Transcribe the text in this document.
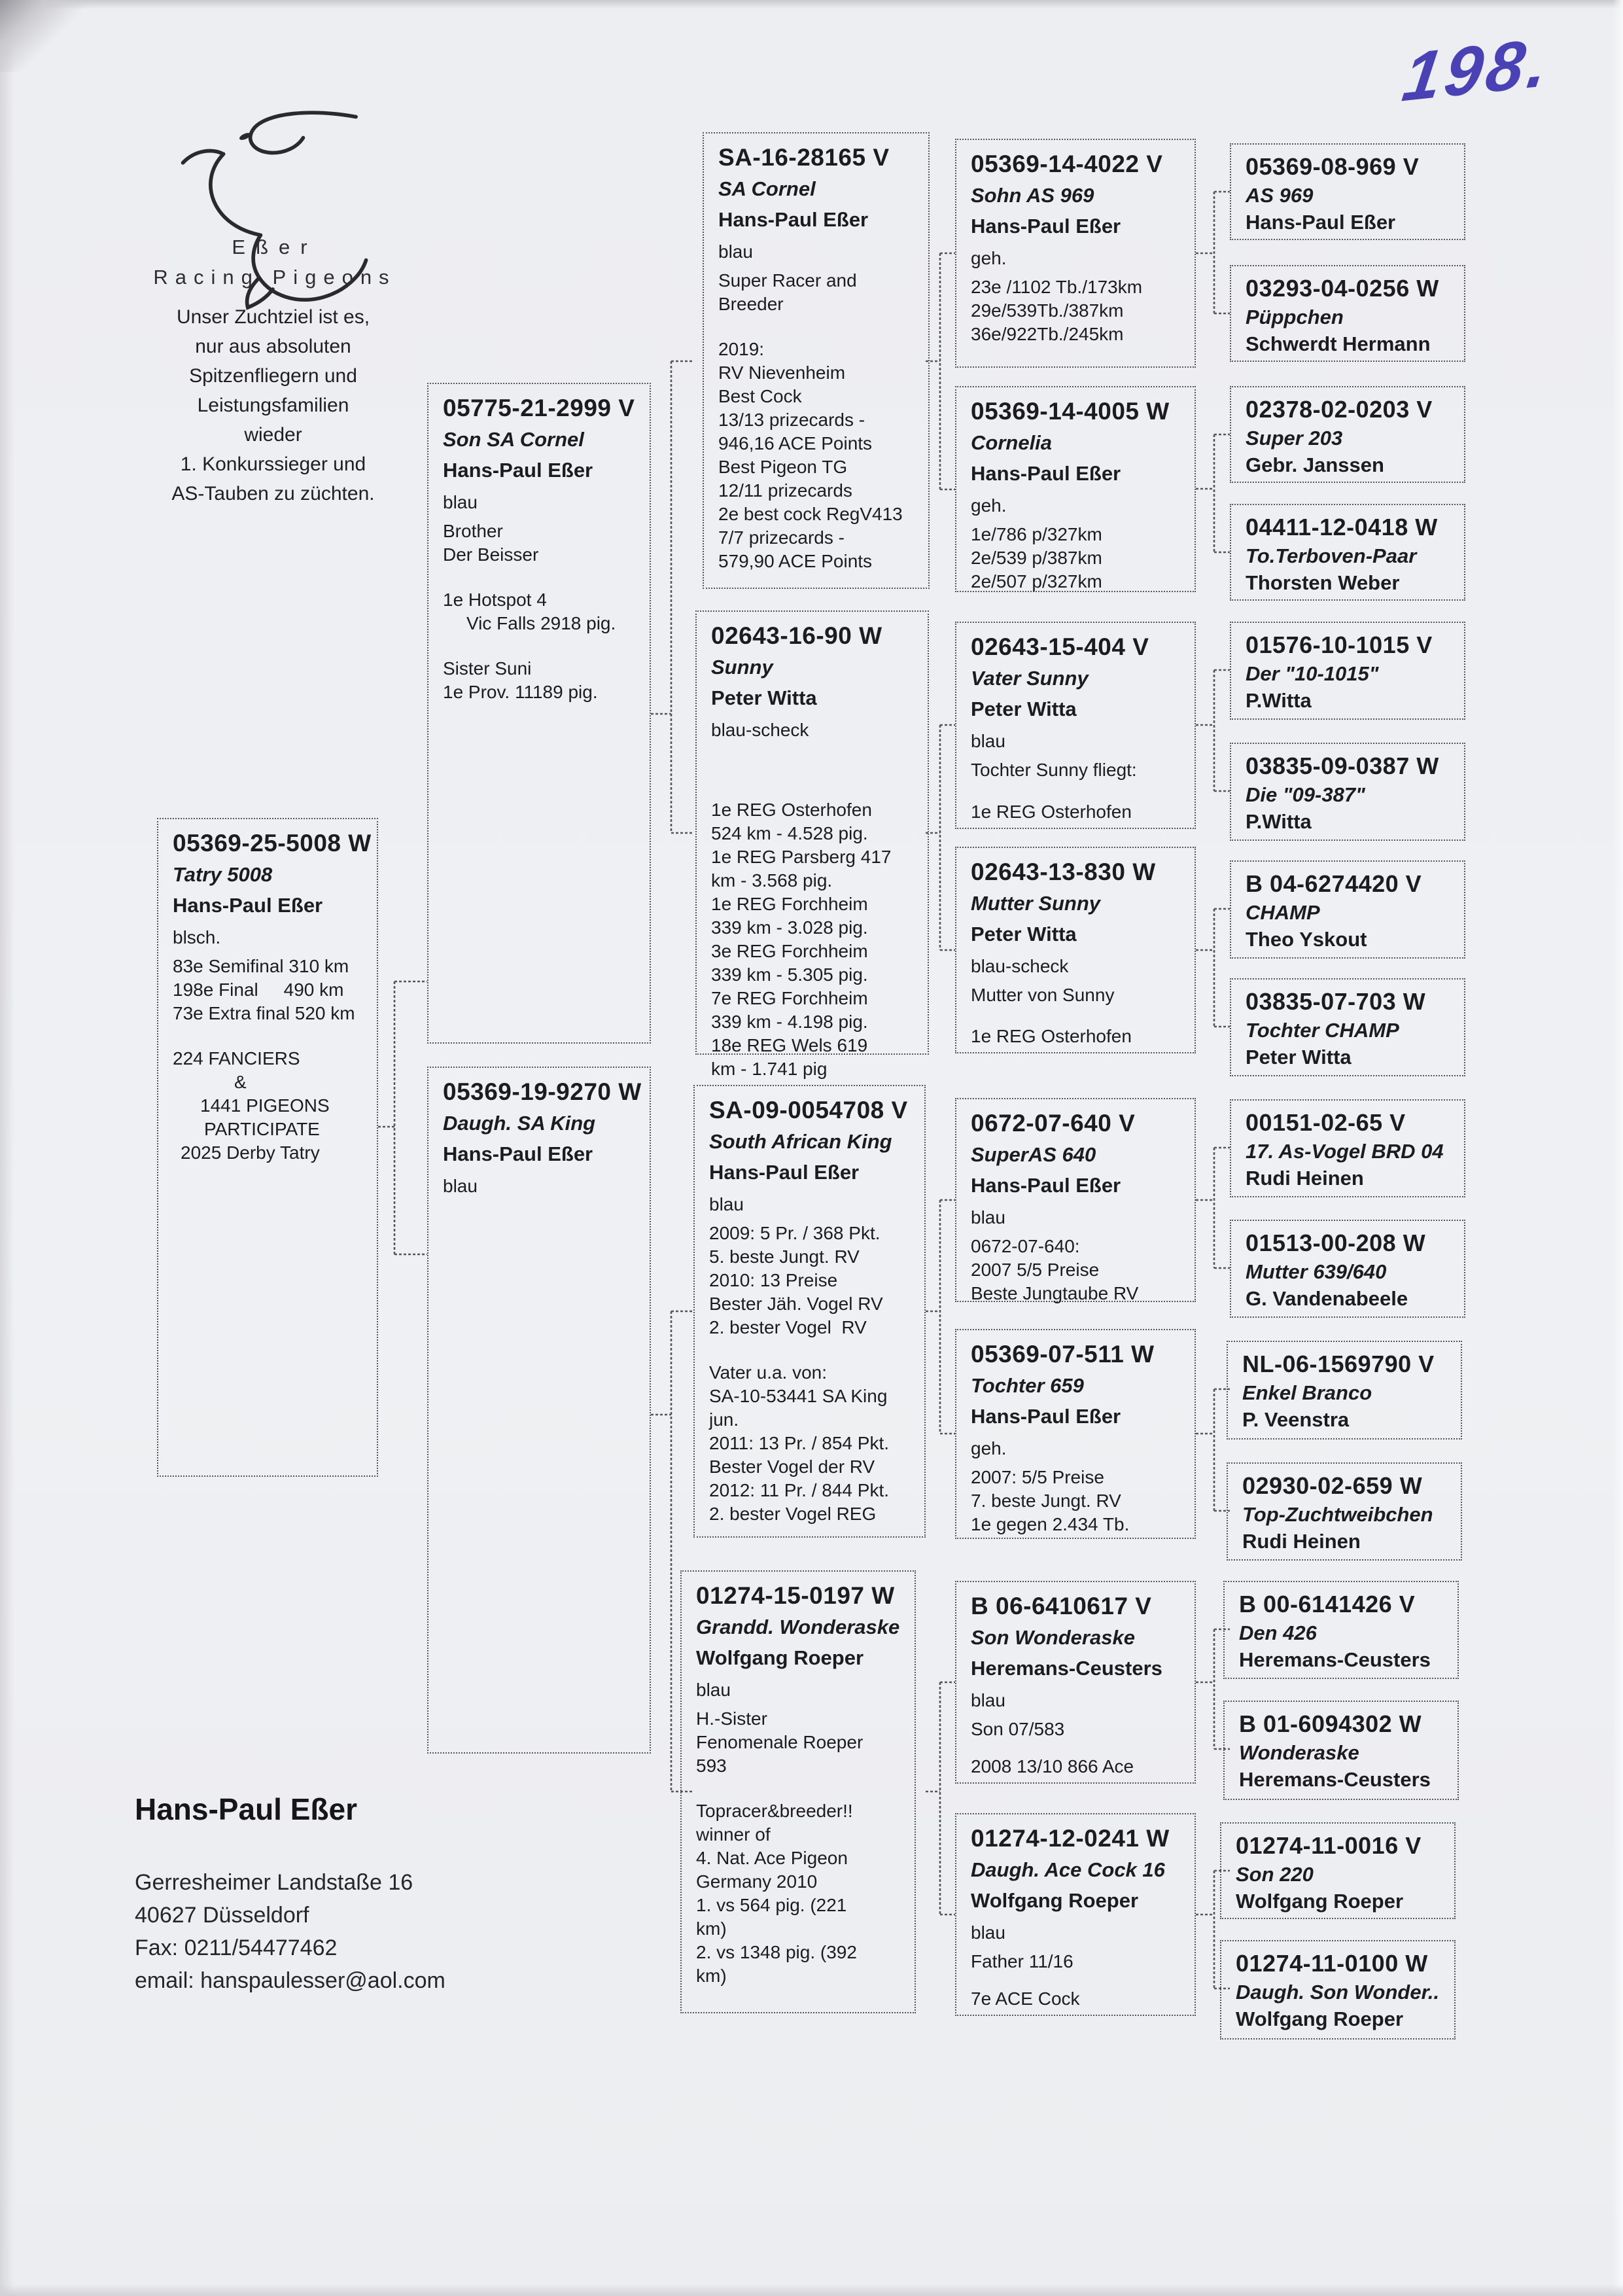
198.
Eßer
Racing Pigeons
Unser Zuchtziel ist es,
nur aus absoluten
Spitzenfliegern und
Leistungsfamilien
wieder
1. Konkurssieger und
AS-Tauben zu züchten.
05369-25-5008 W
Tatry 5008
Hans-Paul Eßer
blsch.
83e Semifinal 310 km
198e Final     490 km
73e Extra final 520 km
224 FANCIERS
&
1441 PIGEONS
PARTICIPATE
2025 Derby Tatry
05775-21-2999 V
Son SA Cornel
Hans-Paul Eßer
blau
Brother
Der Beisser
1e Hotspot 4
Vic Falls 2918 pig.
Sister Suni
1e Prov. 11189 pig.
05369-19-9270 W
Daugh. SA King
Hans-Paul Eßer
blau
SA-16-28165 V
SA Cornel
Hans-Paul Eßer
blau
Super Racer and
Breeder
2019:
RV Nievenheim
Best Cock
13/13 prizecards -
946,16 ACE Points
Best Pigeon TG
12/11 prizecards
2e best cock RegV413
7/7 prizecards -
579,90 ACE Points
02643-16-90 W
Sunny
Peter Witta
blau-scheck
1e REG Osterhofen
524 km - 4.528 pig.
1e REG Parsberg 417
km - 3.568 pig.
1e REG Forchheim
339 km - 3.028 pig.
3e REG Forchheim
339 km - 5.305 pig.
7e REG Forchheim
339 km - 4.198 pig.
18e REG Wels 619
km - 1.741 pig
SA-09-0054708 V
South African King
Hans-Paul Eßer
blau
2009: 5 Pr. / 368 Pkt.
5. beste Jungt. RV
2010: 13 Preise
Bester Jäh. Vogel RV
2. bester Vogel  RV
Vater u.a. von:
SA-10-53441 SA King
jun.
2011: 13 Pr. / 854 Pkt.
Bester Vogel der RV
2012: 11 Pr. / 844 Pkt.
2. bester Vogel REG
01274-15-0197 W
Grandd. Wonderaske
Wolfgang Roeper
blau
H.-Sister
Fenomenale Roeper
593
Topracer&breeder!!
winner of
4. Nat. Ace Pigeon
Germany 2010
1. vs 564 pig. (221
km)
2. vs 1348 pig. (392
km)
05369-14-4022 V
Sohn AS 969
Hans-Paul Eßer
geh.
23e /1102 Tb./173km
29e/539Tb./387km
36e/922Tb./245km
05369-14-4005 W
Cornelia
Hans-Paul Eßer
geh.
1e/786 p/327km
2e/539 p/387km
2e/507 p/327km
02643-15-404 V
Vater Sunny
Peter Witta
blau
Tochter Sunny fliegt:
1e REG Osterhofen
02643-13-830 W
Mutter Sunny
Peter Witta
blau-scheck
Mutter von Sunny
1e REG Osterhofen
0672-07-640 V
SuperAS 640
Hans-Paul Eßer
blau
0672-07-640:
2007 5/5 Preise
Beste Jungtaube RV
05369-07-511 W
Tochter 659
Hans-Paul Eßer
geh.
2007: 5/5 Preise
7. beste Jungt. RV
1e gegen 2.434 Tb.
B 06-6410617 V
Son Wonderaske
Heremans-Ceusters
blau
Son 07/583
2008 13/10 866 Ace
01274-12-0241 W
Daugh. Ace Cock 16
Wolfgang Roeper
blau
Father 11/16
7e ACE Cock
05369-08-969 V
AS 969
Hans-Paul Eßer
03293-04-0256 W
Püppchen
Schwerdt Hermann
02378-02-0203 V
Super 203
Gebr. Janssen
04411-12-0418 W
To.Terboven-Paar
Thorsten Weber
01576-10-1015 V
Der "10-1015"
P.Witta
03835-09-0387 W
Die "09-387"
P.Witta
B 04-6274420 V
CHAMP
Theo Yskout
03835-07-703 W
Tochter CHAMP
Peter Witta
00151-02-65 V
17. As-Vogel BRD 04
Rudi Heinen
01513-00-208 W
Mutter 639/640
G. Vandenabeele
NL-06-1569790 V
Enkel Branco
P. Veenstra
02930-02-659 W
Top-Zuchtweibchen
Rudi Heinen
B 00-6141426 V
Den 426
Heremans-Ceusters
B 01-6094302 W
Wonderaske
Heremans-Ceusters
01274-11-0016 V
Son 220
Wolfgang Roeper
01274-11-0100 W
Daugh. Son Wonder..
Wolfgang Roeper
Hans-Paul Eßer
Gerresheimer Landstaße 16
40627 Düsseldorf
Fax: 0211/54477462
email: hanspaulesser@aol.com
